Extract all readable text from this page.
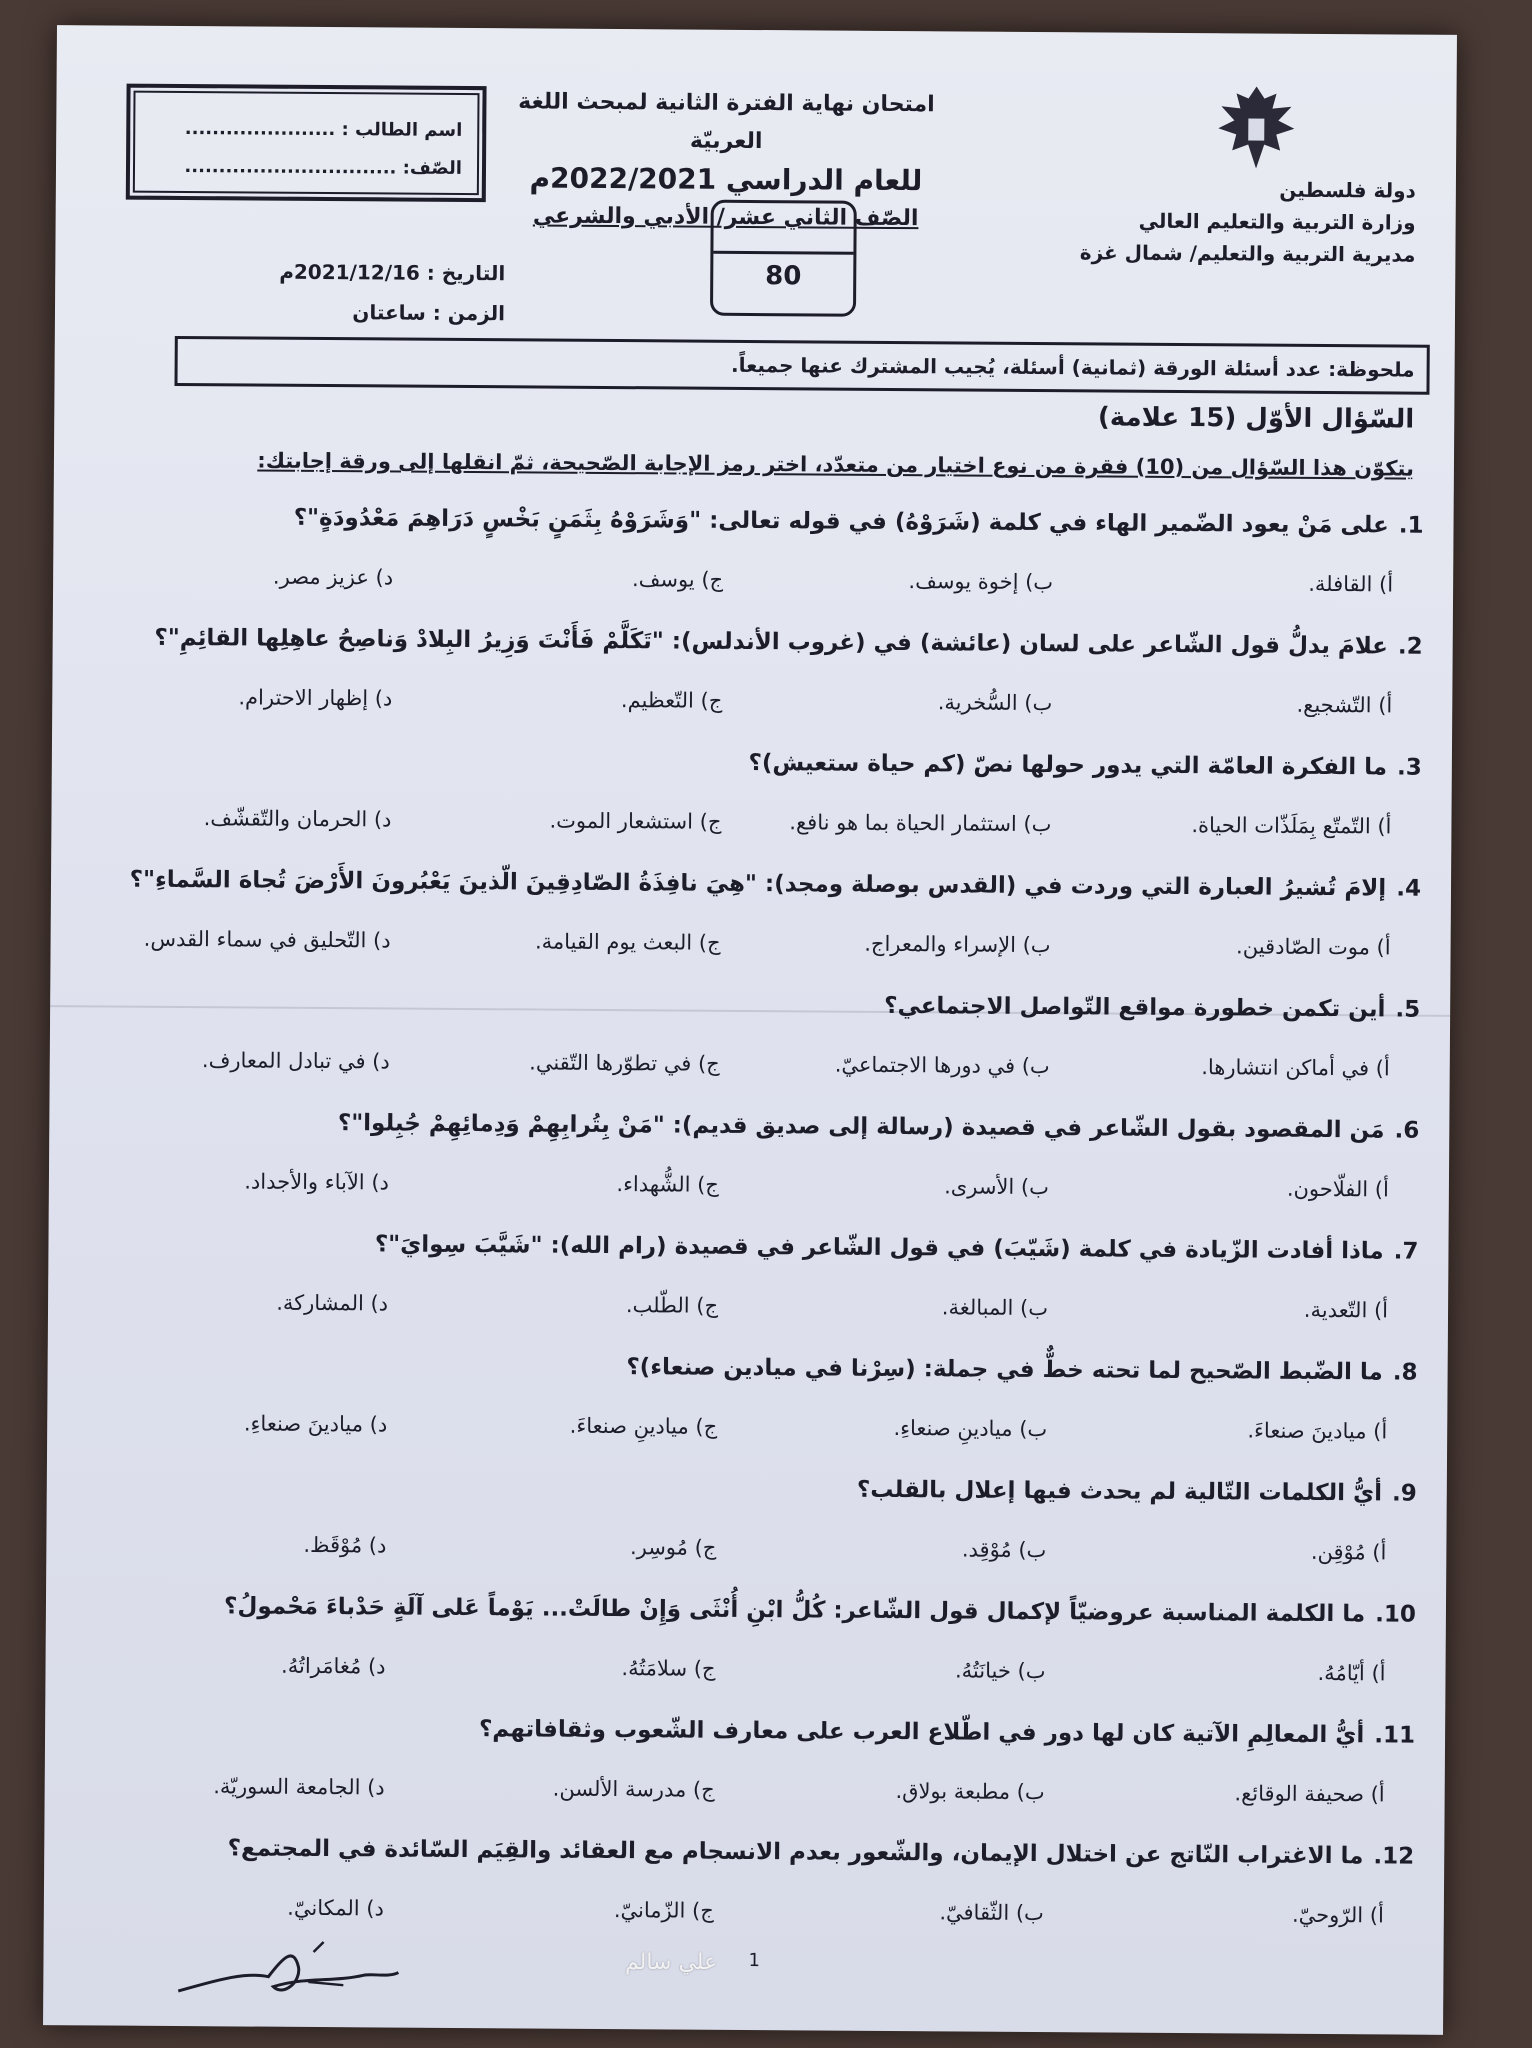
دولة فلسطين
وزارة التربية والتعليم العالي
مديرية التربية والتعليم/ شمال غزة
امتحان نهاية الفترة الثانية لمبحث اللغة العربيّة
للعام الدراسي 2022/2021م
الصّف الثاني عشر/ الأدبي والشرعي
اسم الطالب : ......................
الصّف: ...............................
80
التاريخ : 2021/12/16م
الزمن : ساعتان
ملحوظة: عدد أسئلة الورقة (ثمانية) أسئلة، يُجيب المشترك عنها جميعاً.
السّؤال الأوّل (15 علامة)
يتكوّن هذا السّؤال من (10) فقرة من نوع اختيار من متعدّد، اختر رمز الإجابة الصّحيحة، ثمّ انقلها إلى ورقة إجابتك:
1.على مَنْ يعود الضّمير الهاء في كلمة (شَرَوْهُ) في قوله تعالى: "وَشَرَوْهُ بِثَمَنٍ بَخْسٍ دَرَاهِمَ مَعْدُودَةٍ"؟
أ) القافلة.
ب) إخوة يوسف.
ج) يوسف.
د) عزيز مصر.
2.علامَ يدلُّ قول الشّاعر على لسان (عائشة) في (غروب الأندلس): "تَكَلَّمْ فَأَنْتَ وَزِيرُ البِلادْ وَناصِحُ عاهِلِها القائِمِ"؟
أ) التّشجيع.
ب) السُّخرية.
ج) التّعظيم.
د) إظهار الاحترام.
3.ما الفكرة العامّة التي يدور حولها نصّ (كم حياة ستعيش)؟
أ) التّمتّع بِمَلَذّات الحياة.
ب) استثمار الحياة بما هو نافع.
ج) استشعار الموت.
د) الحرمان والتّقشّف.
4.إلامَ تُشيرُ العبارة التي وردت في (القدس بوصلة ومجد): "هِيَ نافِذَةُ الصّادِقِينَ الّذينَ يَعْبُرونَ الأَرْضَ تُجاهَ السَّماءِ"؟
أ) موت الصّادقين.
ب) الإسراء والمعراج.
ج) البعث يوم القيامة.
د) التّحليق في سماء القدس.
5.أين تكمن خطورة مواقع التّواصل الاجتماعي؟
أ) في أماكن انتشارها.
ب) في دورها الاجتماعيّ.
ج) في تطوّرها التّقني.
د) في تبادل المعارف.
6.مَن المقصود بقول الشّاعر في قصيدة (رسالة إلى صديق قديم): "مَنْ بِتُرابِهِمْ وَدِمائِهِمْ جُبِلوا"؟
أ) الفلّاحون.
ب) الأسرى.
ج) الشُّهداء.
د) الآباء والأجداد.
7.ماذا أفادت الزّيادة في كلمة (شَيّبَ) في قول الشّاعر في قصيدة (رام الله): "شَيَّبَ سِوايَ"؟
أ) التّعدية.
ب) المبالغة.
ج) الطّلب.
د) المشاركة.
8.ما الضّبط الصّحيح لما تحته خطٌّ في جملة: (سِرْنا في ميادين صنعاء)؟
أ) ميادينَ صنعاءَ.
ب) ميادينِ صنعاءِ.
ج) ميادينِ صنعاءَ.
د) ميادينَ صنعاءِ.
9.أيُّ الكلمات التّالية لم يحدث فيها إعلال بالقلب؟
أ) مُوْقِن.
ب) مُوْقِد.
ج) مُوسِر.
د) مُوْقَظ.
10.ما الكلمة المناسبة عروضيّاً لإكمال قول الشّاعر: كُلُّ ابْنِ أُنْثَى وَإِنْ طالَتْ... يَوْماً عَلى آلَةٍ حَدْباءَ مَحْمولُ؟
أ) أيّامُهُ.
ب) خيانَتُهُ.
ج) سلامَتُهُ.
د) مُغامَراتُهُ.
11.أيُّ المعالِمِ الآتية كان لها دور في اطّلاع العرب على معارف الشّعوب وثقافاتهم؟
أ) صحيفة الوقائع.
ب) مطبعة بولاق.
ج) مدرسة الألسن.
د) الجامعة السوريّة.
12.ما الاغتراب النّاتج عن اختلال الإيمان، والشّعور بعدم الانسجام مع العقائد والقِيَم السّائدة في المجتمع؟
أ) الرّوحيّ.
ب) الثّقافيّ.
ج) الزّمانيّ.
د) المكانيّ.
1
علي سالم
